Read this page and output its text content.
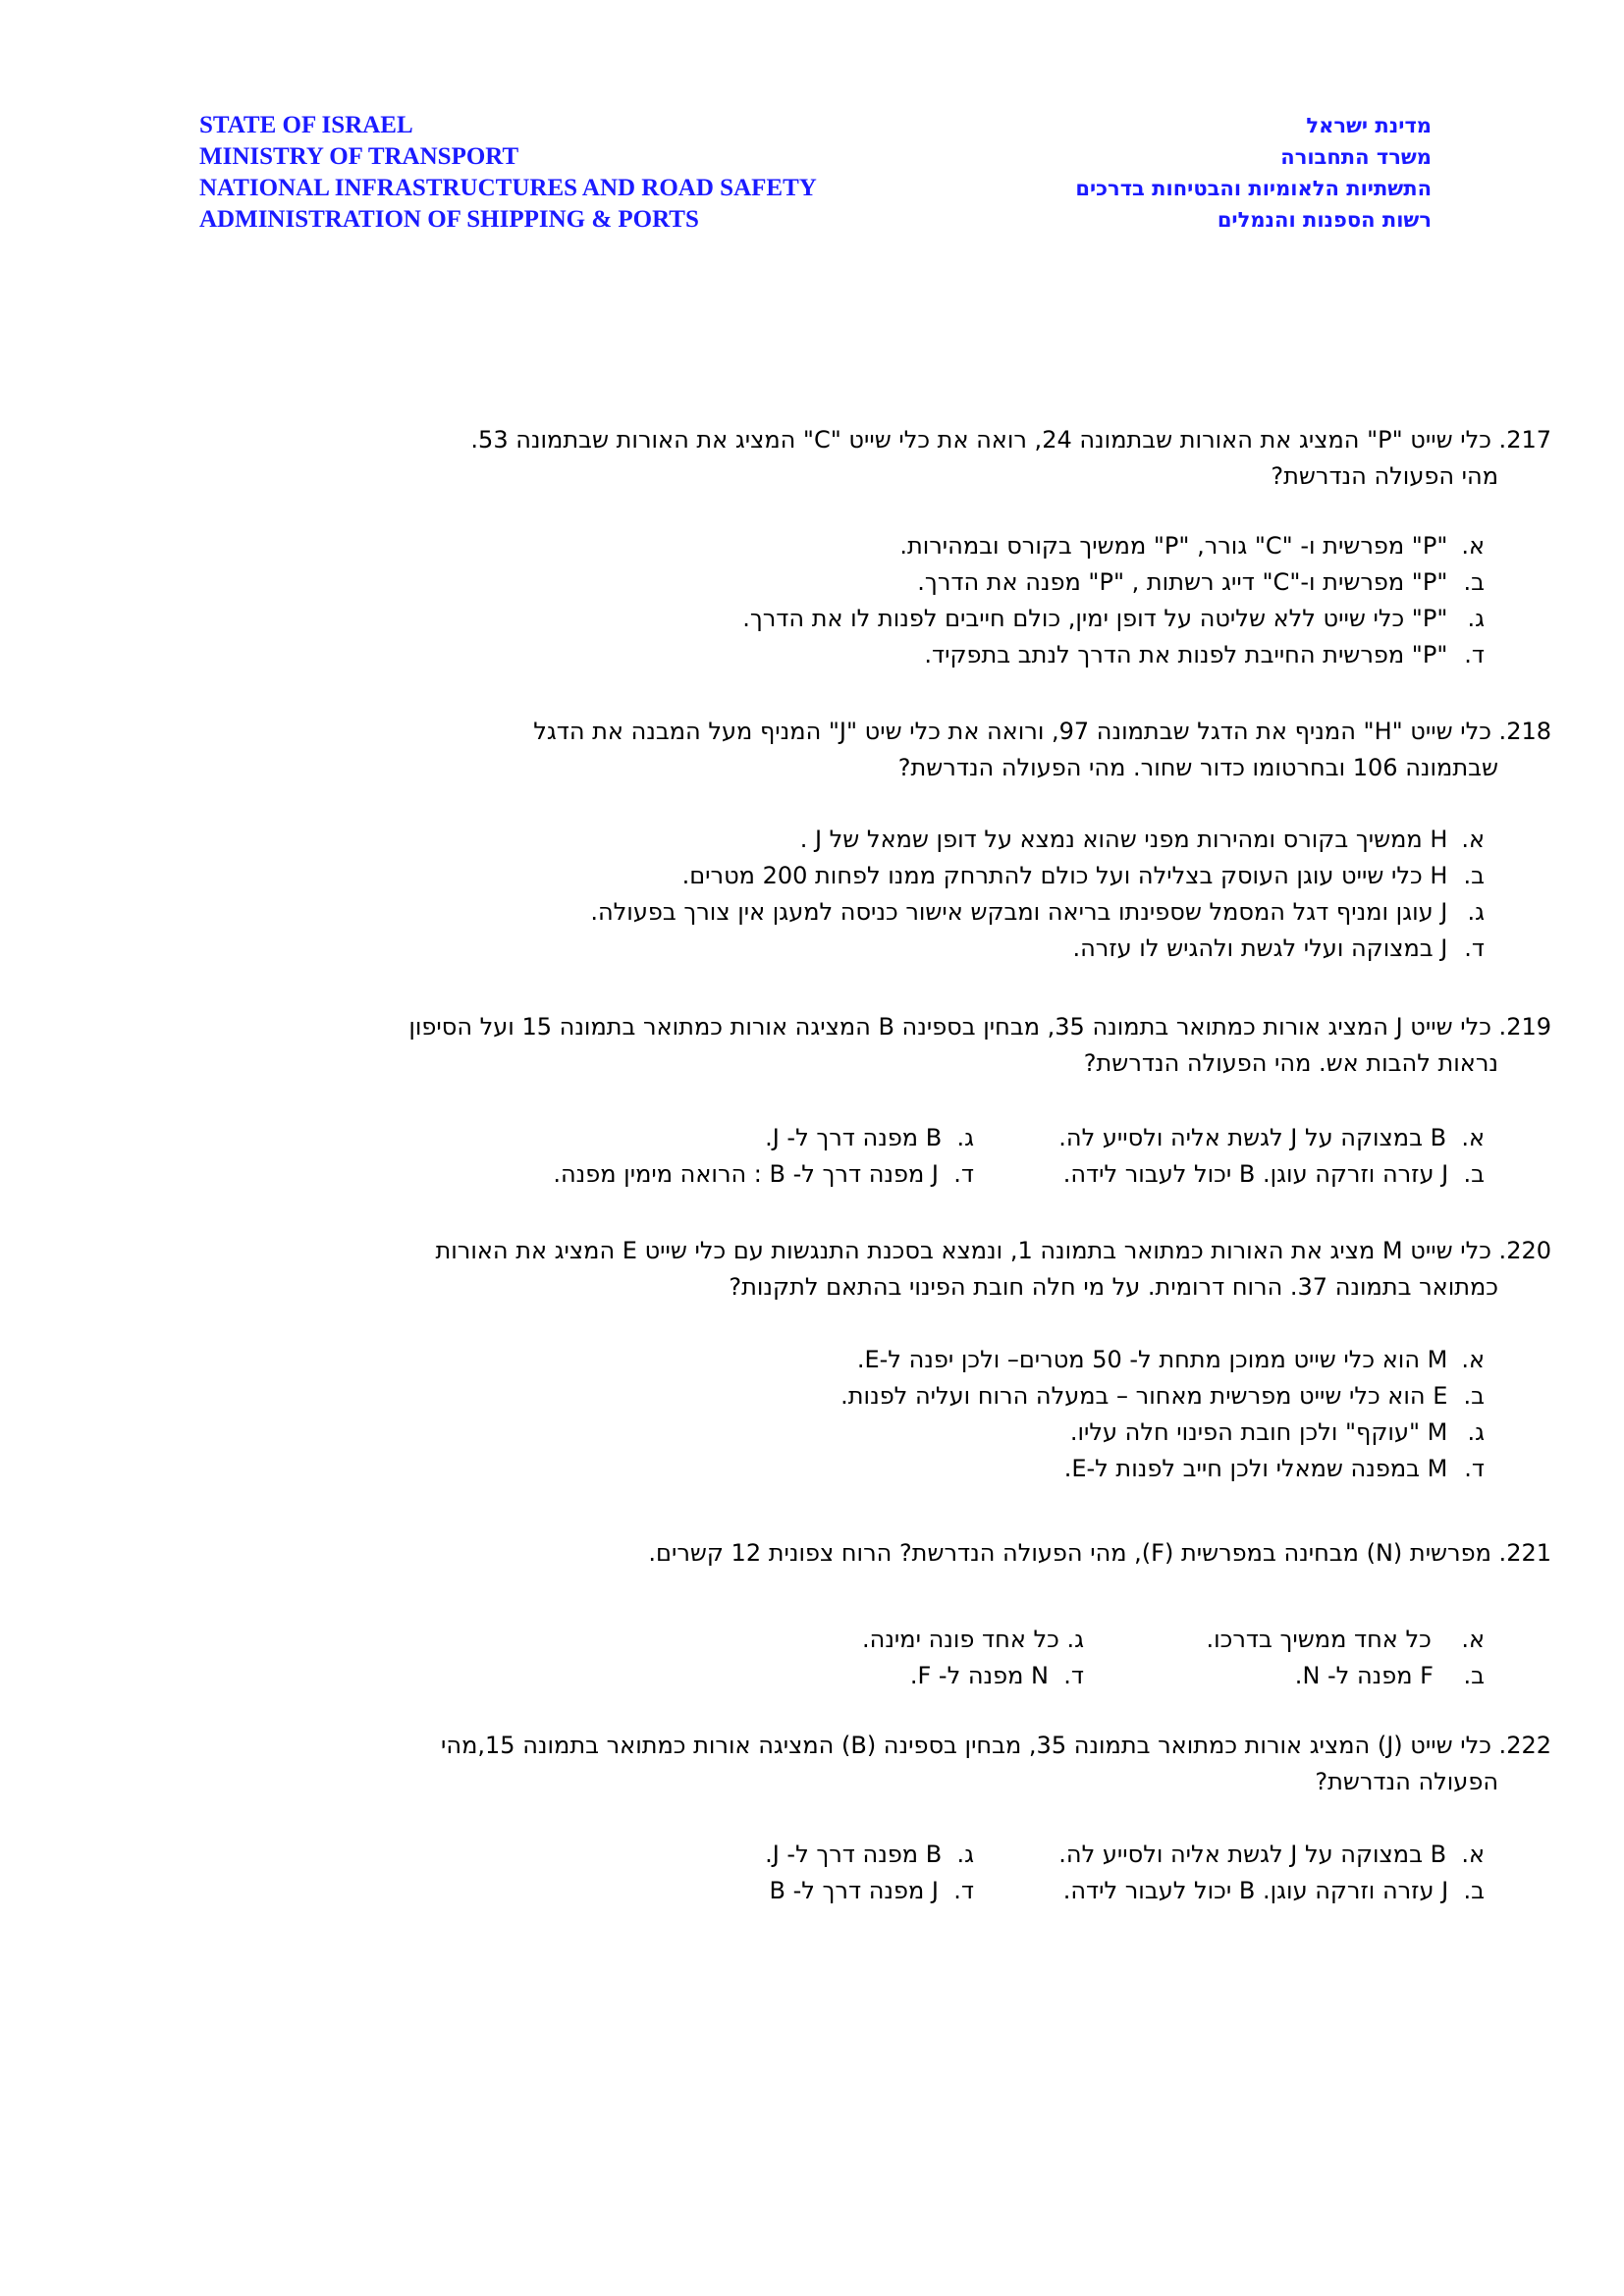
STATE OF ISRAEL
MINISTRY OF TRANSPORT
NATIONAL INFRASTRUCTURES AND ROAD SAFETY
ADMINISTRATION OF SHIPPING & PORTS
מדינת ישראל
משרד התחבורה
התשתיות הלאומיות והבטיחות בדרכים
רשות הספנות והנמלים
217. כלי שייט "P" המציג את האורות שבתמונה 24, רואה את כלי שייט "C" המציג את האורות שבתמונה 53.
מהי הפעולה הנדרשת?
א. "P" מפרשית ו- "C" גורר, "P" ממשיך בקורס ובמהירות.
ב. "P" מפרשית ו-"C" דייג רשתות , "P" מפנה את הדרך.
ג. "P" כלי שייט ללא שליטה על דופן ימין, כולם חייבים לפנות לו את הדרך.
ד. "P" מפרשית החייבת לפנות את הדרך לנתב בתפקיד.
218. כלי שייט "H" המניף את הדגל שבתמונה 97, ורואה את כלי שיט "J" המניף מעל המבנה את הדגל
שבתמונה 106 ובחרטומו כדור שחור. מהי הפעולה הנדרשת?
א. H ממשיך בקורס ומהירות מפני שהוא נמצא על דופן שמאל של J .
ב. H כלי שייט עוגן העוסק בצלילה ועל כולם להתרחק ממנו לפחות 200 מטרים.
ג. J עוגן ומניף דגל המסמל שספינתו בריאה ומבקש אישור כניסה למעגן אין צורך בפעולה.
ד. J במצוקה ועלי לגשת ולהגיש לו עזרה.
219. כלי שייט J המציג אורות כמתואר בתמונה 35, מבחין בספינה B המציגה אורות כמתואר בתמונה 15 ועל הסיפון
נראות להבות אש. מהי הפעולה הנדרשת?
א.  B במצוקה על J לגשת אליה ולסייע לה.
ג.  B מפנה דרך ל- J.
ב.  J עזרה וזרקה עוגן. B יכול לעבור לידה.
ד.  J מפנה דרך ל- B : הרואה מימין מפנה.
220. כלי שייט M מציג את האורות כמתואר בתמונה 1, ונמצא בסכנת התנגשות עם כלי שייט E המציג את האורות
כמתואר בתמונה 37. הרוח דרומית. על מי חלה חובת הפינוי בהתאם לתקנות?
א. M הוא כלי שייט ממוכן מתחת ל- 50 מטרים– ולכן יפנה ל-E.
ב. E הוא כלי שייט מפרשית מאחור – במעלה הרוח ועליה לפנות.
ג. M "עוקף" ולכן חובת הפינוי חלה עליו.
ד. M במפנה שמאלי ולכן חייב לפנות ל-E.
221. מפרשית (N) מבחינה במפרשית (F), מהי הפעולה הנדרשת? הרוח צפונית 12 קשרים.
א.    כל אחד ממשיך בדרכו.
ג. כל אחד פונה ימינה.
ב.    F מפנה ל- N.
ד.  N מפנה ל- F.
222. כלי שייט (J) המציג אורות כמתואר בתמונה 35, מבחין בספינה (B) המציגה אורות כמתואר בתמונה 15,מהי
הפעולה הנדרשת?
א.  B במצוקה על J לגשת אליה ולסייע לה.
ג.  B מפנה דרך ל- J.
ב.  J עזרה וזרקה עוגן. B יכול לעבור לידה.
ד.  J מפנה דרך ל- B
